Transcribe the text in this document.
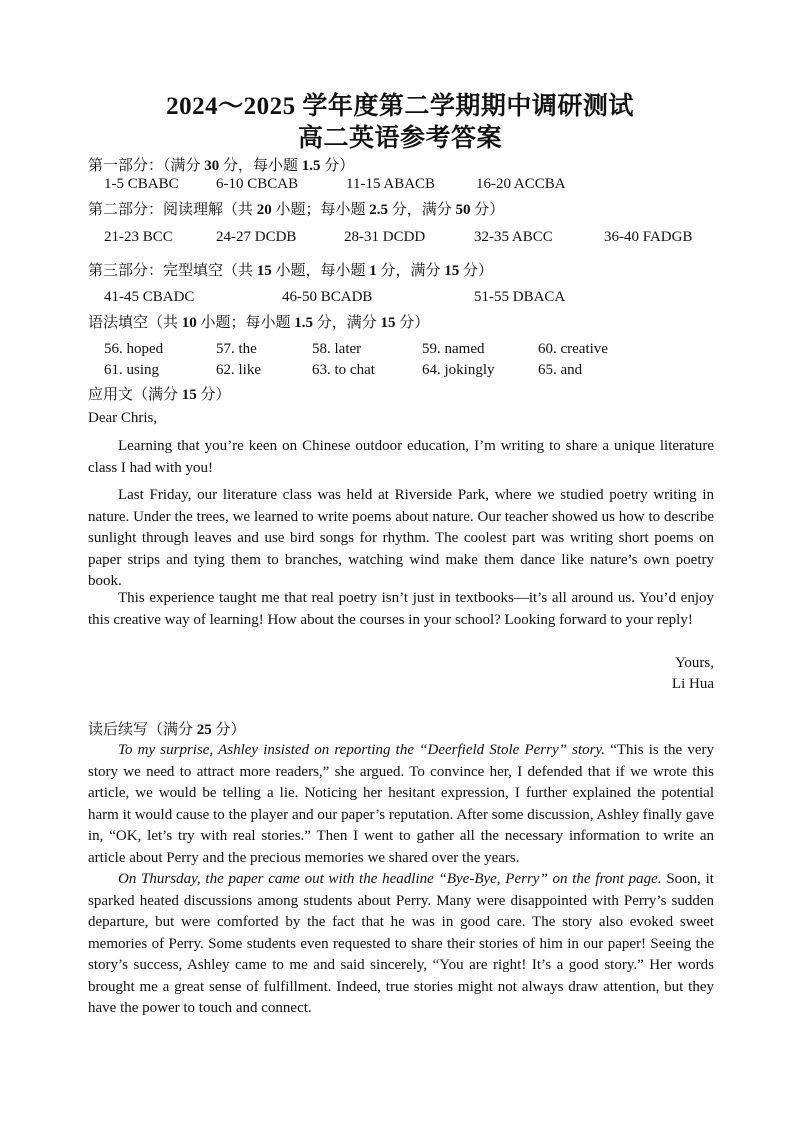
2024～2025 学年度第二学期期中调研测试
高二英语参考答案
第一部分：（满分 30 分，每小题 1.5 分）
1-5 CBABC 6-10 CBCAB	11-15 ABACB	16-20 ACCBA
第二部分：阅读理解（共 20 小题；每小题 2.5 分，满分 50 分）
21-23 BCC	24-27 DCDB	28-31 DCDD	32-35 ABCC	36-40 FADGB
第三部分：完型填空（共 15 小题，每小题 1 分，满分 15 分）
41-45 CBADC	46-50 BCADB	51-55 DBACA
语法填空（共 10 小题；每小题 1.5 分，满分 15 分）
56. hoped	57. the	58. later	59. named	60. creative
61. using	62. like	63. to chat	64. jokingly	65. and
应用文（满分 15 分）
Dear Chris,

Learning that you’re keen on Chinese outdoor education, I’m writing to share a unique literature class I had with you!

Last Friday, our literature class was held at Riverside Park, where we studied poetry writing in nature. Under the trees, we learned to write poems about nature. Our teacher showed us how to describe sunlight through leaves and use bird songs for rhythm. The coolest part was writing short poems on paper strips and tying them to branches, watching wind make them dance like nature’s own poetry book.

This experience taught me that real poetry isn’t just in textbooks—it’s all around us. You’d enjoy this creative way of learning! How about the courses in your school? Looking forward to your reply!

Yours,
Li Hua
读后续写（满分 25 分）

To my surprise, Ashley insisted on reporting the “Deerfield Stole Perry” story. “This is the very story we need to attract more readers,” she argued. To convince her, I defended that if we wrote this article, we would be telling a lie. Noticing her hesitant expression, I further explained the potential harm it would cause to the player and our paper’s reputation. After some discussion, Ashley finally gave in, “OK, let’s try with real stories.” Then I went to gather all the necessary information to write an article about Perry and the precious memories we shared over the years.

On Thursday, the paper came out with the headline “Bye-Bye, Perry” on the front page. Soon, it sparked heated discussions among students about Perry. Many were disappointed with Perry’s sudden departure, but were comforted by the fact that he was in good care. The story also evoked sweet memories of Perry. Some students even requested to share their stories of him in our paper! Seeing the story’s success, Ashley came to me and said sincerely, “You are right! It’s a good story.” Her words brought me a great sense of fulfillment. Indeed, true stories might not always draw attention, but they have the power to touch and connect.
